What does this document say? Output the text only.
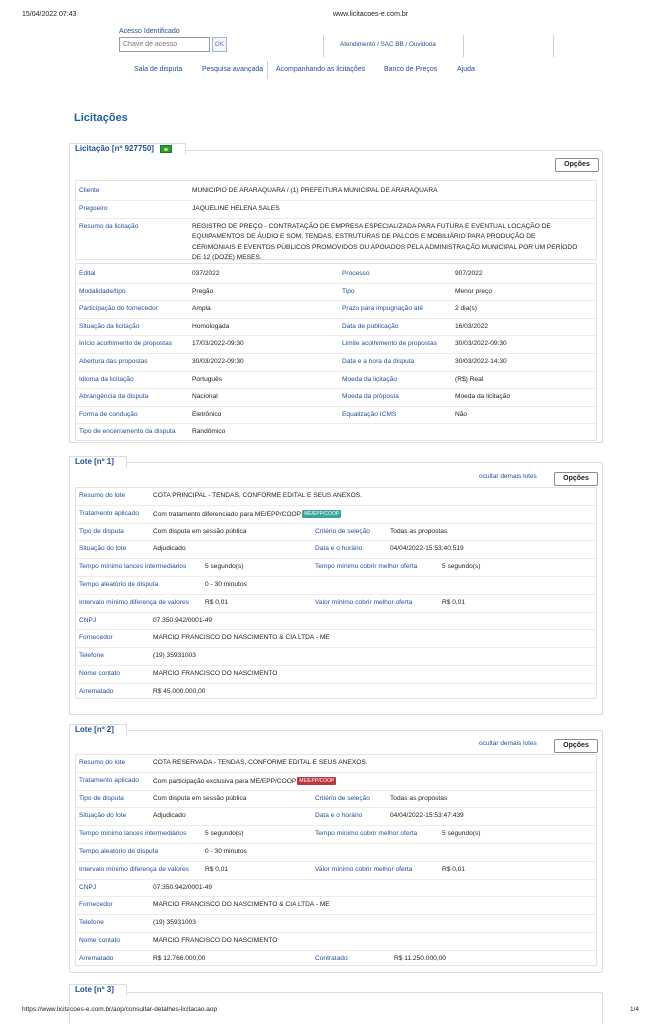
15/04/2022 07:43	www.licitacoes-e.com.br
https://www.licitacoes-e.com.br/aop/consultar-detalhes-licitacao.aop	1/4
Acesso Identificado
Chave de acesso
OK	Atendimento / SAC BB / Ouvidoria
Sala de disputa	Pesquisa avançada Acompanhando as licitações	Banco de Preços	Ajuda
Licitações
Licitação [nº 927750]
Opções
Cliente	MUNICIPIO DE ARARAQUARA / (1) PREFEITURA MUNICIPAL DE ARARAQUARA
Pregoeiro	JAQUELINE HELENA SALES
Resumo da licitação	REGISTRO DE PREÇO - CONTRATAÇÃO DE EMPRESA ESPECIALIZADA PARA FUTURA E EVENTUAL LOCAÇÃO DE
EQUIPAMENTOS DE ÁUDIO E SOM, TENDAS, ESTRUTURAS DE PALCOS E MOBILIÁRIO PARA PRODUÇÃO DE
CERIMONIAIS E EVENTOS PÚBLICOS PROMOVIDOS OU APOIADOS PELA ADMINISTRAÇÃO MUNICIPAL POR UM PERÍODO
DE 12 (DOZE) MESES.
Edital	037/2022	Processo	907/2022
Modalidade/tipo	Pregão	Tipo	Menor preço
Participação do fornecedor	Ampla	Prazo para impugnação até	2 dia(s)
Situação da licitação	Homologada	Data de publicação	16/03/2022
Início acolhimento de propostas	17/03/2022-09:30	Limite acolhimento de propostas	30/03/2022-09:30
Abertura das propostas	30/03/2022-09:30	Data e a hora da disputa	30/03/2022-14:30
Idioma da licitação	Português	Moeda da licitação	(R$) Real
Abrangência da disputa	Nacional	Moeda da proposta	Moeda da licitação
Forma de condução	Eletrônico	Equalização ICMS	Não
Tipo de encerramento da disputa Randômico
Lote [nº 1]
ocultar demais lotes	Opções
Resumo do lote	COTA PRINCIPAL - TENDAS, CONFORME EDITAL E SEUS ANEXOS.
Tratamento aplicado Com tratamento diferenciado para ME/EPP/COOP ME/EPP/COOP
Tipo de disputa	Com disputa em sessão pública	Critério de seleção	Todas as propostas
Situação do lote	Adjudicado	Data e o horário	04/04/2022-15:53:40:519
Tempo mínimo lances intermediários	5 segundo(s)	Tempo mínimo cobrir melhor oferta	5 segundo(s)
Tempo aleatório de disputa	0 - 30 minutos
Intervalo mínimo diferença de valores R$ 0,01	Valor mínimo cobrir melhor oferta	R$ 0,01
CNPJ	07.350.942/0001-49
Fornecedor	MARCIO FRANCISCO DO NASCIMENTO & CIA LTDA - ME
Telefone	(19) 35931003
Nome contato	MARCIO FRANCISCO DO NASCIMENTO
Arrematado	R$ 45.000.000,00
Lote [nº 2]
ocultar demais lotes	Opções
Resumo do lote	COTA RESERVADA - TENDAS, CONFORME EDITAL E SEUS ANEXOS.
Tratamento aplicado Com participação exclusiva para ME/EPP/COOP ME/EPP/COOP
Tipo de disputa	Com disputa em sessão pública	Critério de seleção	Todas as propostas
Situação do lote	Adjudicado	Data e o horário	04/04/2022-15:53:47:439
Tempo mínimo lances intermediários	5 segundo(s)	Tempo mínimo cobrir melhor oferta	5 segundo(s)
Tempo aleatório de disputa	0 - 30 minutos
Intervalo mínimo diferença de valores R$ 0,01	Valor mínimo cobrir melhor oferta	R$ 0,01
CNPJ	07.350.942/0001-49
Fornecedor	MARCIO FRANCISCO DO NASCIMENTO & CIA LTDA - ME
Telefone	(19) 35931003
Nome contato	MARCIO FRANCISCO DO NASCIMENTO
Arrematado	R$ 12.766.000,00	Contratado	R$ 11.250.000,00
Lote [nº 3]
